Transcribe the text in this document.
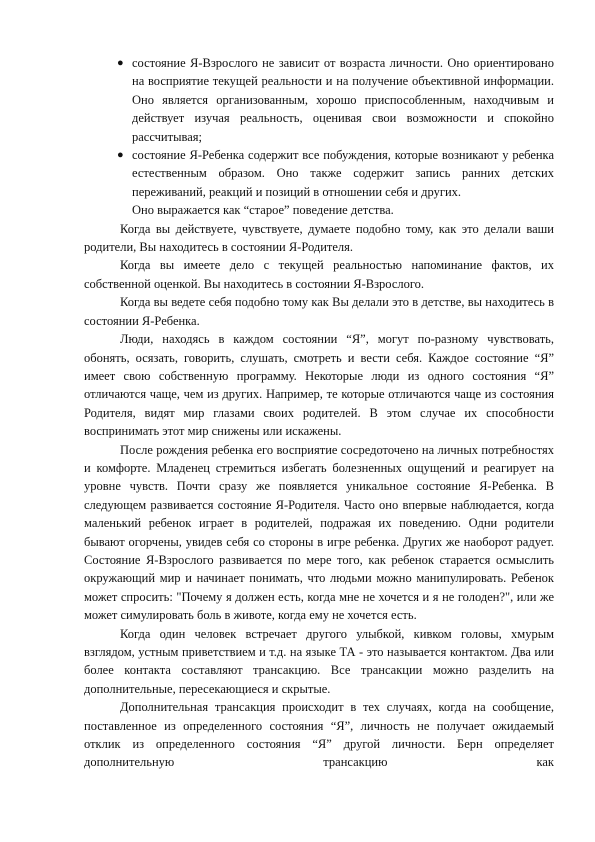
● состояние Я-Взрослого не зависит от возраста личности. Оно ориентировано на восприятие текущей реальности и на получение объективной информации. Оно является организованным, хорошо приспособленным, находчивым и действует изучая реальность, оценивая свои возможности и спокойно рассчитывая;
● состояние Я-Ребенка содержит все побуждения, которые возникают у ребенка естественным образом. Оно также содержит запись ранних детских переживаний, реакций и позиций в отношении себя и других.
Оно выражается как “старое” поведение детства.

Когда вы действуете, чувствуете, думаете подобно тому, как это делали ваши родители, Вы находитесь в состоянии Я-Родителя.

Когда вы имеете дело с текущей реальностью напоминание фактов, их собственной оценкой. Вы находитесь в состоянии Я-Взрослого.

Когда вы ведете себя подобно тому как Вы делали это в детстве, вы находитесь в состоянии Я-Ребенка.

Люди, находясь в каждом состоянии “Я”, могут по-разному чувствовать, обонять, осязать, говорить, слушать, смотреть и вести себя. Каждое состояние “Я” имеет свою собственную программу. Некоторые люди из одного состояния “Я” отличаются чаще, чем из других. Например, те которые отличаются чаще из состояния Родителя, видят мир глазами своих родителей. В этом случае их способности воспринимать этот мир снижены или искажены.

После рождения ребенка его восприятие сосредоточено на личных потребностях и комфорте. Младенец стремиться избегать болезненных ощущений и реагирует на уровне чувств. Почти сразу же появляется уникальное состояние Я-Ребенка. В следующем развивается состояние Я-Родителя. Часто оно впервые наблюдается, когда маленький ребенок играет в родителей, подражая их поведению. Одни родители бывают огорчены, увидев себя со стороны в игре ребенка. Других же наоборот радует. Состояние Я-Взрослого развивается по мере того, как ребенок старается осмыслить окружающий мир и начинает понимать, что людьми можно манипулировать. Ребенок может спросить: "Почему я должен есть, когда мне не хочется и я не голоден?", или же может симулировать боль в животе, когда ему не хочется есть.

Когда один человек встречает другого улыбкой, кивком головы, хмурым взглядом, устным приветствием и т.д. на языке ТА - это называется контактом. Два или более контакта составляют трансакцию. Все трансакции можно разделить на дополнительные, пересекающиеся и скрытые.

Дополнительная трансакция происходит в тех случаях, когда на сообщение, поставленное из определенного состояния “Я”, личность не получает ожидаемый отклик из определенного состояния “Я” другой личности. Берн определяет дополнительную трансакцию как
